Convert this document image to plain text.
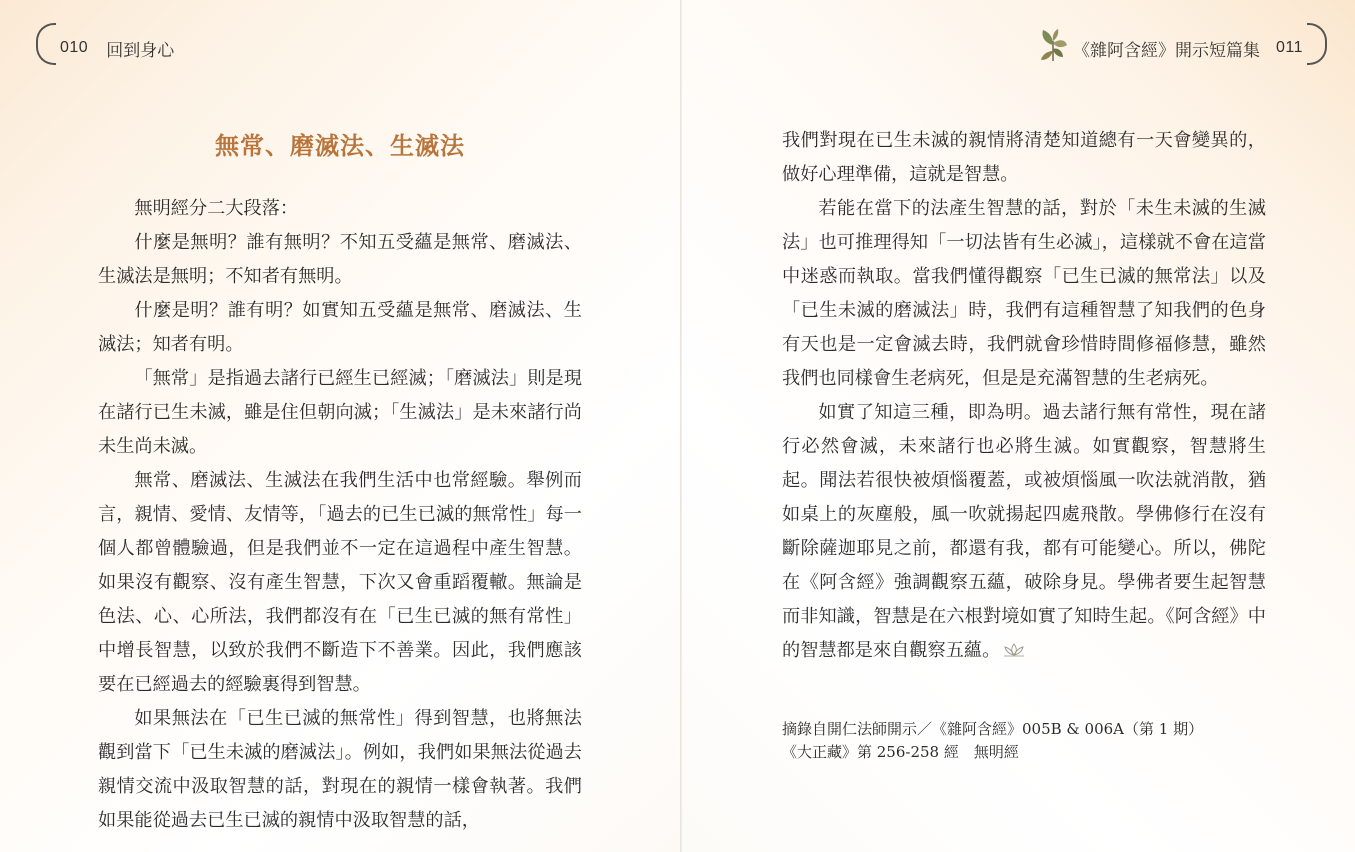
010 回到身心
無常、磨滅法、生滅法

無明經分二大段落：

什麼是無明？誰有無明？不知五受蘊是無常、磨滅法、生滅法是無明；不知者有無明。

什麼是明？誰有明？如實知五受蘊是無常、磨滅法、生滅法；知者有明。

「無常」是指過去諸行已經生已經滅；「磨滅法」則是現在諸行已生未滅，雖是住但朝向滅；「生滅法」是未來諸行尚未生尚未滅。

無常、磨滅法、生滅法在我們生活中也常經驗。舉例而言，親情、愛情、友情等，「過去的已生已滅的無常性」每一個人都曾體驗過，但是我們並不一定在這過程中產生智慧。如果沒有觀察、沒有產生智慧，下次又會重蹈覆轍。無論是色法、心、心所法，我們都沒有在「已生已滅的無有常性」中增長智慧，以致於我們不斷造下不善業。因此，我們應該要在已經過去的經驗裏得到智慧。

如果無法在「已生已滅的無常性」得到智慧，也將無法觀到當下「已生未滅的磨滅法」。例如，我們如果無法從過去親情交流中汲取智慧的話，對現在的親情一樣會執著。我們如果能從過去已生已滅的親情中汲取智慧的話，

《雜阿含經》開示短篇集 011

我們對現在已生未滅的親情將清楚知道總有一天會變異的，做好心理準備，這就是智慧。

若能在當下的法產生智慧的話，對於「未生未滅的生滅法」也可推理得知「一切法皆有生必滅」，這樣就不會在這當中迷惑而執取。當我們懂得觀察「已生已滅的無常法」以及「已生未滅的磨滅法」時，我們有這種智慧了知我們的色身有天也是一定會滅去時，我們就會珍惜時間修福修慧，雖然我們也同樣會生老病死，但是是充滿智慧的生老病死。

如實了知這三種，即為明。過去諸行無有常性，現在諸行必然會滅，未來諸行也必將生滅。如實觀察，智慧將生起。聞法若很快被煩惱覆蓋，或被煩惱風一吹法就消散，猶如桌上的灰塵般，風一吹就揚起四處飛散。學佛修行在沒有斷除薩迦耶見之前，都還有我，都有可能變心。所以，佛陀在《阿含經》強調觀察五蘊，破除身見。學佛者要生起智慧而非知識，智慧是在六根對境如實了知時生起。《阿含經》中的智慧都是來自觀察五蘊。

摘錄自開仁法師開示／《雜阿含經》005B & 006A（第 1 期）

《大正藏》第 256-258 經　無明經
